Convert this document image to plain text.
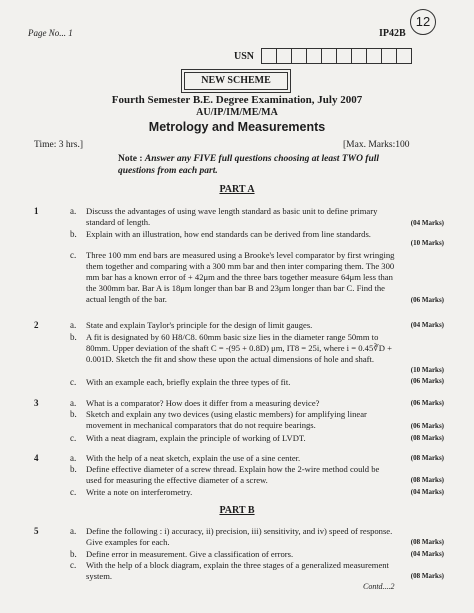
Page No... 1	IP42B
12
USN
NEW SCHEME
Fourth Semester B.E. Degree Examination, July 2007
AU/IP/IM/ME/MA
Metrology and Measurements
Time: 3 hrs.]	[Max. Marks:100
Note : Answer any FIVE full questions choosing at least TWO full questions from each part.
PART A
1	a. Discuss the advantages of using wave length standard as basic unit to define primary standard of length.	(04 Marks)
b. Explain with an illustration, how end standards can be derived from line standards.
(10 Marks)
c. Three 100 mm end bars are measured using a Brooke's level comparator by first wringing them together and comparing with a 300 mm bar and then inter comparing them. The 300 mm bar has a known error of + 42μm and the three bars together measure 64μm less than the 300mm bar. Bar A is 18μm longer than bar B and 23μm longer than bar C. Find the actual length of the bar.	(06 Marks)
2	a. State and explain Taylor's principle for the design of limit gauges.	(04 Marks)
b. A fit is designated by 60 H8/C8. 60mm basic size lies in the diameter range 50mm to 80mm. Upper deviation of the shaft C = -(95 + 0.8D) μm, IT8 = 25i, where i = 0.45∛D + 0.001D. Sketch the fit and show these upon the actual dimensions of hole and shaft.
(10 Marks)
c. With an example each, briefly explain the three types of fit.	(06 Marks)
3	a. What is a comparator? How does it differ from a measuring device?	(06 Marks)
b. Sketch and explain any two devices (using elastic members) for amplifying linear movement in mechanical comparators that do not require bearings.	(06 Marks)
c. With a neat diagram, explain the principle of working of LVDT.	(08 Marks)
4	a. With the help of a neat sketch, explain the use of a sine center.	(08 Marks)
b. Define effective diameter of a screw thread. Explain how the 2-wire method could be used for measuring the effective diameter of a screw.	(08 Marks)
c. Write a note on interferometry.	(04 Marks)
PART B
5	a. Define the following : i) accuracy, ii) precision, iii) sensitivity, and iv) speed of response. Give examples for each.	(08 Marks)
b. Define error in measurement. Give a classification of errors.	(04 Marks)
c. With the help of a block diagram, explain the three stages of a generalized measurement system.	(08 Marks)
Contd....2
